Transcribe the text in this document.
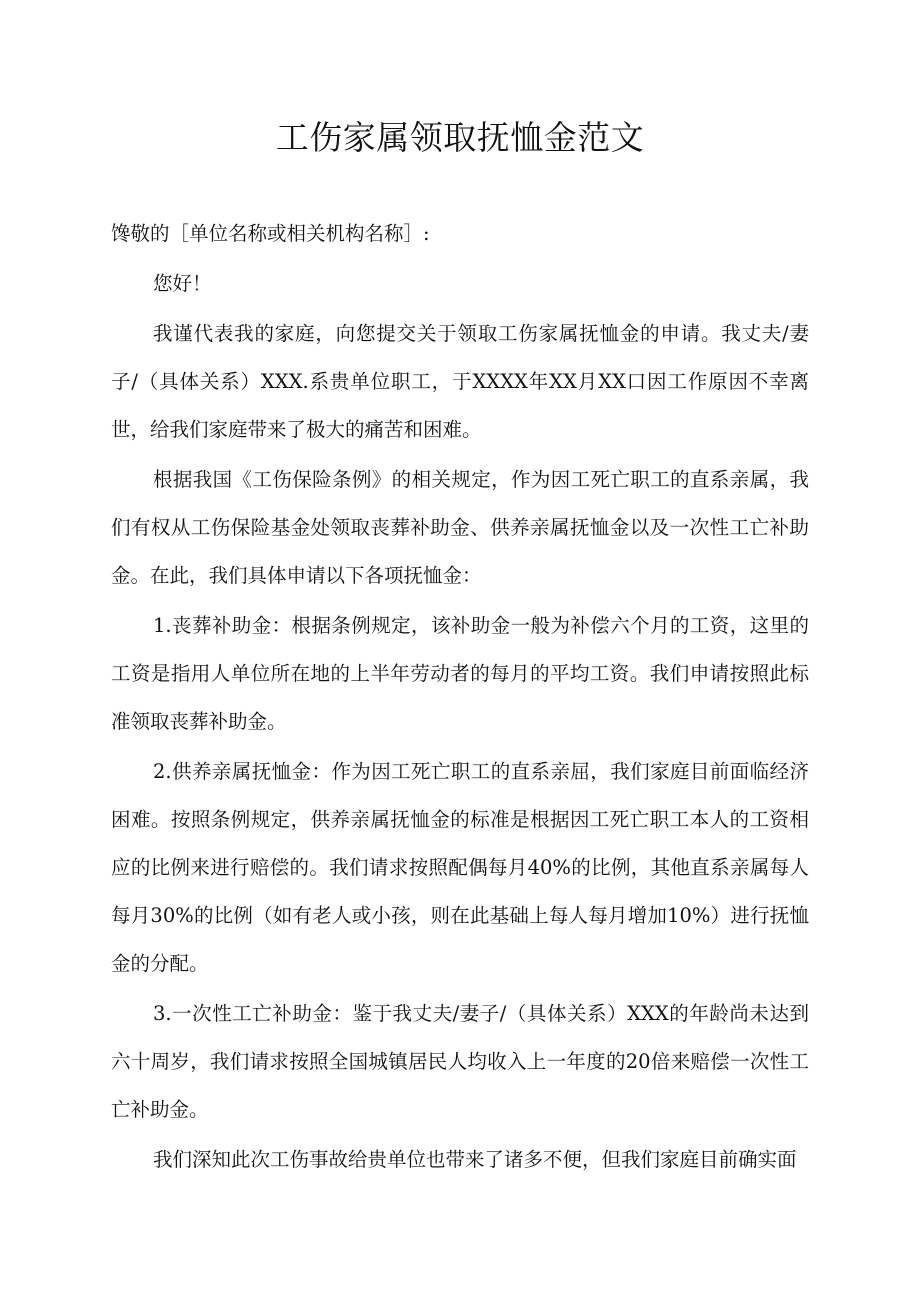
工伤家属领取抚恤金范文

馋敬的［单位名称或相关机构名称］:

您好！

我谨代表我的家庭，向您提交关于领取工伤家属抚恤金的申请。我丈夫/妻子/（具体关系）XXX.系贵单位职工，于XXXX年XX月XX口因工作原因不幸离世，给我们家庭带来了极大的痛苦和困难。

根据我国《工伤保险条例》的相关规定，作为因工死亡职工的直系亲属，我们有权从工伤保险基金处领取丧葬补助金、供养亲属抚恤金以及一次性工亡补助金。在此，我们具体申请以下各项抚恤金：

1.丧葬补助金：根据条例规定，该补助金一般为补偿六个月的工资，这里的工资是指用人单位所在地的上半年劳动者的每月的平均工资。我们申请按照此标准领取丧葬补助金。

2.供养亲属抚恤金：作为因工死亡职工的直系亲屈，我们家庭目前面临经济困难。按照条例规定，供养亲属抚恤金的标准是根据因工死亡职工本人的工资相应的比例来进行赔偿的。我们请求按照配偶每月40%的比例，其他直系亲属每人每月30%的比例（如有老人或小孩，则在此基础上每人每月增加10%）进行抚恤金的分配。

3.一次性工亡补助金：鉴于我丈夫/妻子/（具体关系）XXX的年龄尚未达到六十周岁，我们请求按照全国城镇居民人均收入上一年度的20倍来赔偿一次性工亡补助金。

我们深知此次工伤事故给贵单位也带来了诸多不便，但我们家庭目前确实面
